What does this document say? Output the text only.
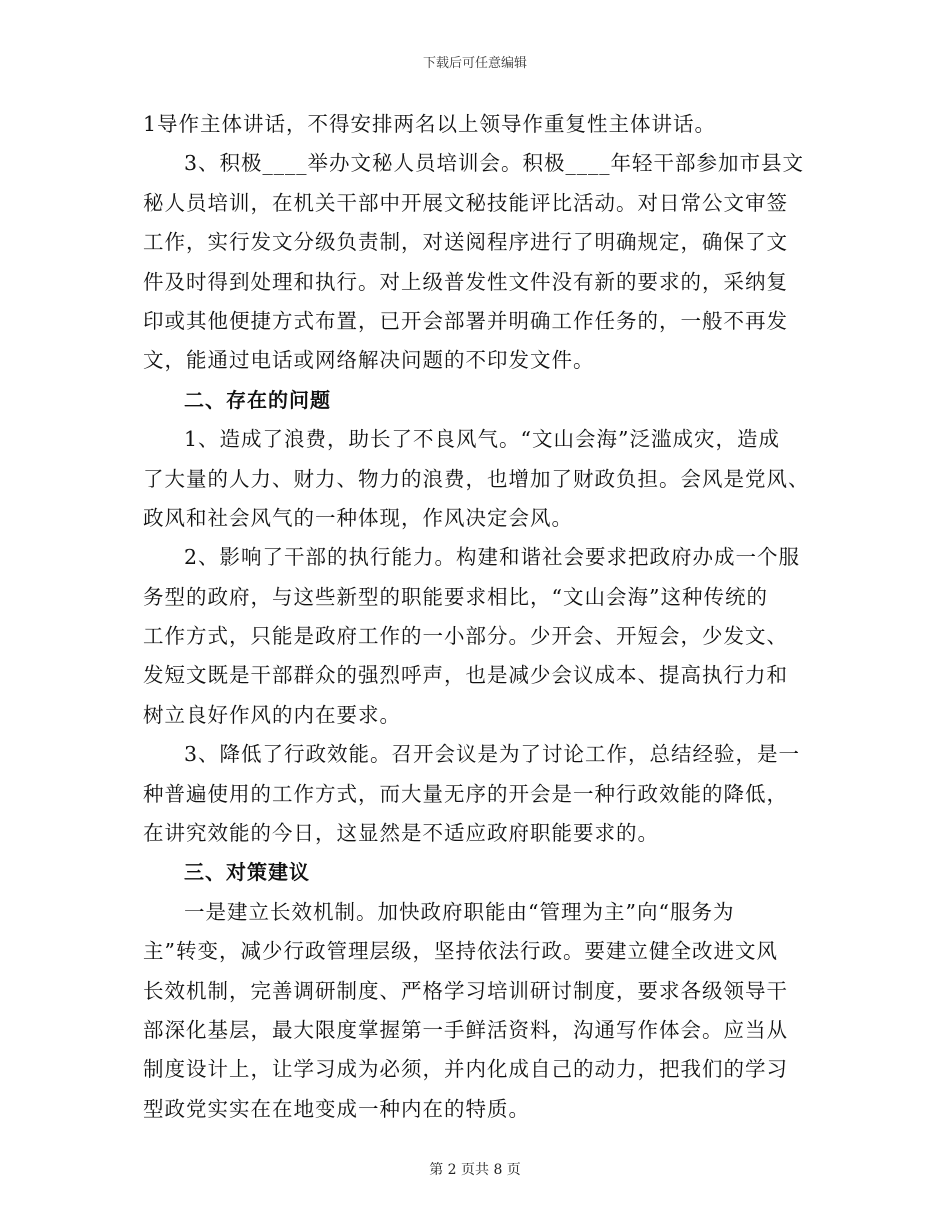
下载后可任意编辑
1导作主体讲话，不得安排两名以上领导作重复性主体讲话。
3、积极____举办文秘人员培训会。积极____年轻干部参加市县文
秘人员培训，在机关干部中开展文秘技能评比活动。对日常公文审签
工作，实行发文分级负责制，对送阅程序进行了明确规定，确保了文
件及时得到处理和执行。对上级普发性文件没有新的要求的，采纳复
印或其他便捷方式布置，已开会部署并明确工作任务的，一般不再发
文，能通过电话或网络解决问题的不印发文件。
二、存在的问题
1、造成了浪费，助长了不良风气。“文山会海”泛滥成灾，造成
了大量的人力、财力、物力的浪费，也增加了财政负担。会风是党风、
政风和社会风气的一种体现，作风决定会风。
2、影响了干部的执行能力。构建和谐社会要求把政府办成一个服
务型的政府，与这些新型的职能要求相比，“文山会海”这种传统的
工作方式，只能是政府工作的一小部分。少开会、开短会，少发文、
发短文既是干部群众的强烈呼声，也是减少会议成本、提高执行力和
树立良好作风的内在要求。
3、降低了行政效能。召开会议是为了讨论工作，总结经验，是一
种普遍使用的工作方式，而大量无序的开会是一种行政效能的降低，
在讲究效能的今日，这显然是不适应政府职能要求的。
三、对策建议
一是建立长效机制。加快政府职能由“管理为主”向“服务为
主”转变，减少行政管理层级，坚持依法行政。要建立健全改进文风
长效机制，完善调研制度、严格学习培训研讨制度，要求各级领导干
部深化基层，最大限度掌握第一手鲜活资料，沟通写作体会。应当从
制度设计上，让学习成为必须，并内化成自己的动力，把我们的学习
型政党实实在在地变成一种内在的特质。
第 2 页共 8 页
